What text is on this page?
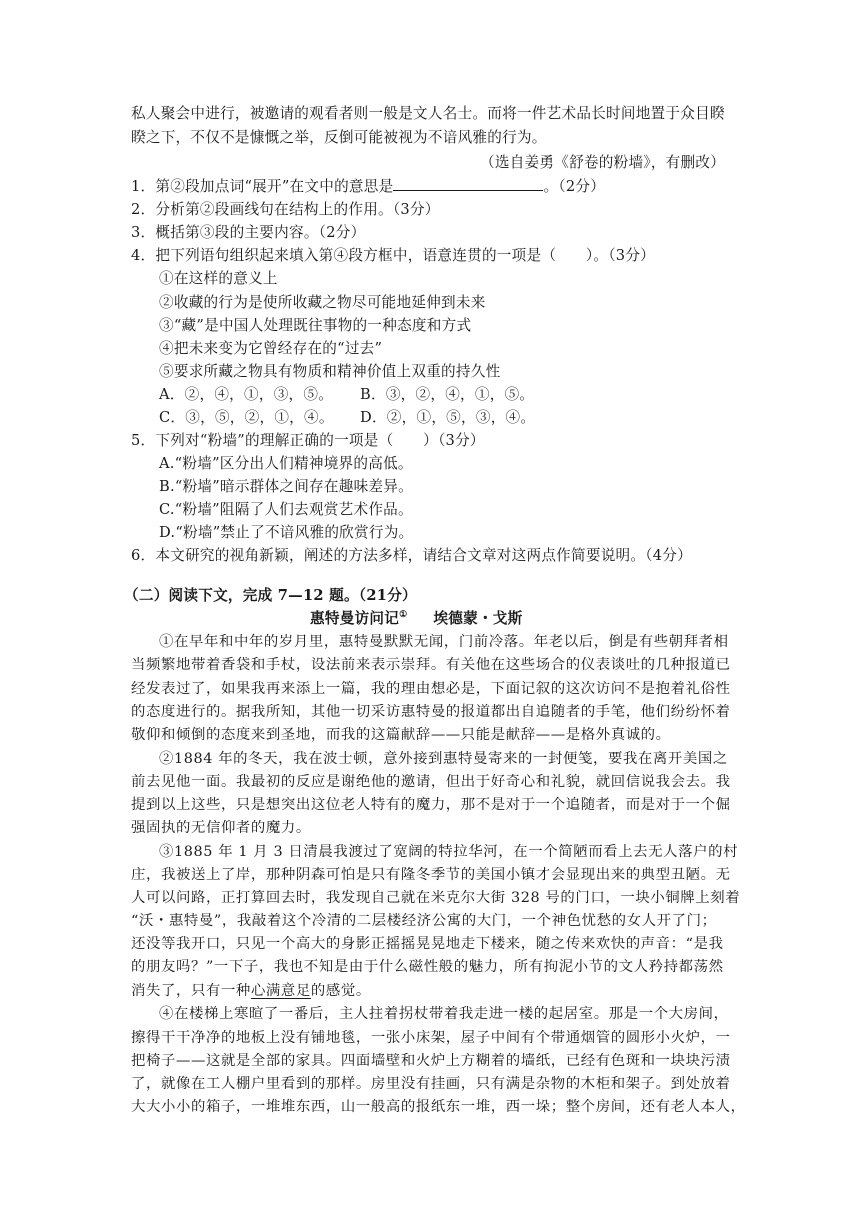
私人聚会中进行，被邀请的观看者则一般是文人名士。而将一件艺术品长时间地置于众目睽
睽之下，不仅不是慷慨之举，反倒可能被视为不谙风雅的行为。
（选自姜勇《舒卷的粉墙》，有删改）
1．第②段加点词“展开”在文中的意思是	。（2分）
2．分析第②段画线句在结构上的作用。（3分）
3．概括第③段的主要内容。（2分）
4．把下列语句组织起来填入第④段方框中，语意连贯的一项是（　　）。（3分）
①在这样的意义上
②收藏的行为是使所收藏之物尽可能地延伸到未来
③“藏”是中国人处理既往事物的一种态度和方式
④把未来变为它曾经存在的“过去”
⑤要求所藏之物具有物质和精神价值上双重的持久性
A．②，④，①，③，⑤。 B．③，②，④，①，⑤。
C．③，⑤，②，①，④。 D．②，①，⑤，③，④。
5．下列对“粉墙”的理解正确的一项是（　　）（3分）
A.“粉墙”区分出人们精神境界的高低。
B.“粉墙”暗示群体之间存在趣味差异。
C.“粉墙”阻隔了人们去观赏艺术作品。
D.“粉墙”禁止了不谙风雅的欣赏行为。
6．本文研究的视角新颖，阐述的方法多样，请结合文章对这两点作简要说明。（4分）
（二）阅读下文，完成 7—12 题。（21分）
惠特曼访问记① 埃德蒙・戈斯
①在早年和中年的岁月里，惠特曼默默无闻，门前冷落。年老以后，倒是有些朝拜者相
当频繁地带着香袋和手杖，设法前来表示崇拜。有关他在这些场合的仪表谈吐的几种报道已
经发表过了，如果我再来添上一篇，我的理由想必是，下面记叙的这次访问不是抱着礼俗性
的态度进行的。据我所知，其他一切采访惠特曼的报道都出自追随者的手笔，他们纷纷怀着
敬仰和倾倒的态度来到圣地，而我的这篇献辞——只能是献辞——是格外真诚的。
②1884 年的冬天，我在波士顿，意外接到惠特曼寄来的一封便笺，要我在离开美国之
前去见他一面。我最初的反应是谢绝他的邀请，但出于好奇心和礼貌，就回信说我会去。我
提到以上这些，只是想突出这位老人特有的魔力，那不是对于一个追随者，而是对于一个倔
强固执的无信仰者的魔力。
③1885 年 1 月 3 日清晨我渡过了宽阔的特拉华河，在一个简陋而看上去无人落户的村
庄，我被送上了岸，那种阴森可怕是只有隆冬季节的美国小镇才会显现出来的典型丑陋。无
人可以问路，正打算回去时，我发现自己就在米克尔大街 328 号的门口，一块小铜牌上刻着
“沃・惠特曼”，我敲着这个冷清的二层楼经济公寓的大门，一个神色忧愁的女人开了门；
还没等我开口，只见一个高大的身影正摇摇晃晃地走下楼来，随之传来欢快的声音：“是我
的朋友吗？”一下子，我也不知是由于什么磁性般的魅力，所有拘泥小节的文人矜持都荡然
消失了，只有一种心满意足的感觉。
④在楼梯上寒暄了一番后，主人拄着拐杖带着我走进一楼的起居室。那是一个大房间，
擦得干干净净的地板上没有铺地毯，一张小床架，屋子中间有个带通烟管的圆形小火炉，一
把椅子——这就是全部的家具。四面墙壁和火炉上方糊着的墙纸，已经有色斑和一块块污渍
了，就像在工人棚户里看到的那样。房里没有挂画，只有满是杂物的木柜和架子。到处放着
大大小小的箱子，一堆堆东西，山一般高的报纸东一堆，西一垛；整个房间，还有老人本人，
